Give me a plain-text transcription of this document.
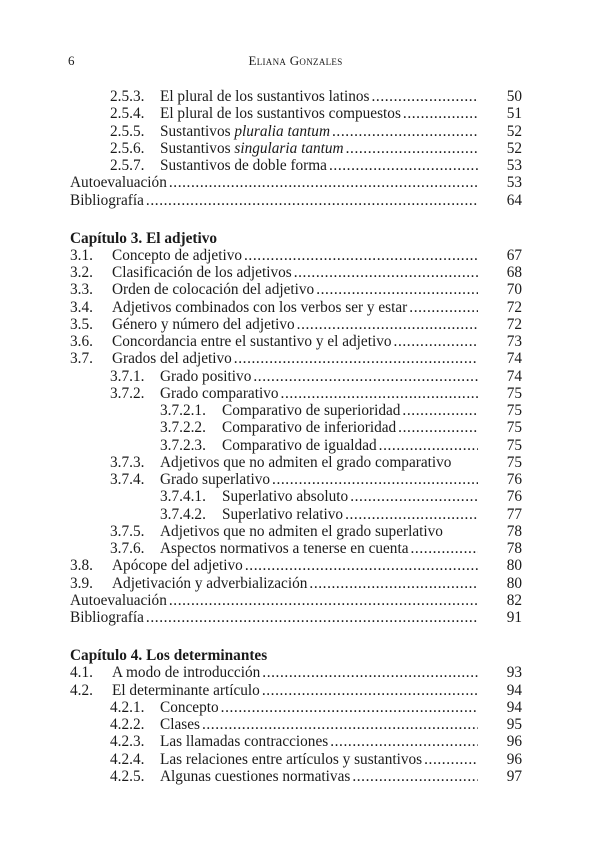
6	Eliana Gonzales
2.5.3.	El plural de los sustantivos latinos .....	50
2.5.4.	El plural de los sustantivos compuestos .....	51
2.5.5.	Sustantivos pluralia tantum .....	52
2.5.6.	Sustantivos singularia tantum .....	52
2.5.7.	Sustantivos de doble forma .....	53
Autoevaluación .....	53
Bibliografía .....	64
Capítulo 3. El adjetivo
3.1.	Concepto de adjetivo .....	67
3.2.	Clasificación de los adjetivos .....	68
3.3.	Orden de colocación del adjetivo .....	70
3.4.	Adjetivos combinados con los verbos ser y estar .....	72
3.5.	Género y número del adjetivo .....	72
3.6.	Concordancia entre el sustantivo y el adjetivo .....	73
3.7.	Grados del adjetivo .....	74
3.7.1.	Grado positivo .....	74
3.7.2.	Grado comparativo .....	75
3.7.2.1.	Comparativo de superioridad .....	75
3.7.2.2.	Comparativo de inferioridad .....	75
3.7.2.3.	Comparativo de igualdad .....	75
3.7.3.	Adjetivos que no admiten el grado comparativo	75
3.7.4.	Grado superlativo .....	76
3.7.4.1.	Superlativo absoluto .....	76
3.7.4.2.	Superlativo relativo .....	77
3.7.5.	Adjetivos que no admiten el grado superlativo	78
3.7.6.	Aspectos normativos a tenerse en cuenta .....	78
3.8.	Apócope del adjetivo .....	80
3.9.	Adjetivación y adverbialización .....	80
Autoevaluación .....	82
Bibliografía .....	91
Capítulo 4. Los determinantes
4.1.	A modo de introducción .....	93
4.2.	El determinante artículo .....	94
4.2.1.	Concepto .....	94
4.2.2.	Clases .....	95
4.2.3.	Las llamadas contracciones .....	96
4.2.4.	Las relaciones entre artículos y sustantivos .....	96
4.2.5.	Algunas cuestiones normativas .....	97
